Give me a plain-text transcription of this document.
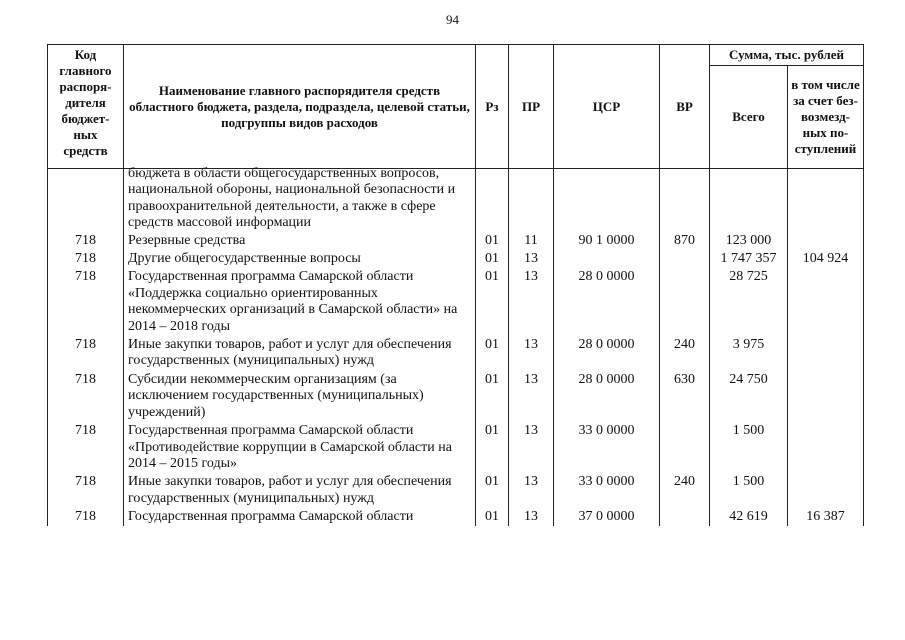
94
Код главного распоря-дителя бюджет-ных средств	Наименование главного распорядителя средств областного бюджета, раздела, подраздела, целевой статьи, подгруппы видов расходов	Рз	ПР	ЦСР	ВР	Сумма, тыс. рублей	
						Всего	в том числе за счет без-возмезд-ных по-ступлений
	бюджета в области общегосударственных вопросов, национальной обороны, национальной безопасности и правоохранительной деятельности, а также в сфере средств массовой информации						
718	Резервные средства	01	11	90 1 0000	870	123 000	
718	Другие общегосударственные вопросы	01	13			1 747 357	104 924
718	Государственная программа Самарской области «Поддержка социально ориентированных некоммерческих организаций в Самарской области» на 2014 – 2018 годы	01	13	28 0 0000		28 725	
718	Иные закупки товаров, работ и услуг для обеспечения государственных (муниципальных) нужд	01	13	28 0 0000	240	3 975	
718	Субсидии некоммерческим организациям (за исключением государственных (муниципальных) учреждений)	01	13	28 0 0000	630	24 750	
718	Государственная программа Самарской области «Противодействие коррупции в Самарской области на 2014 – 2015 годы»	01	13	33 0 0000		1 500	
718	Иные закупки товаров, работ и услуг для обеспечения государственных (муниципальных) нужд	01	13	33 0 0000	240	1 500	
718	Государственная программа Самарской области	01	13	37 0 0000		42 619	16 387
